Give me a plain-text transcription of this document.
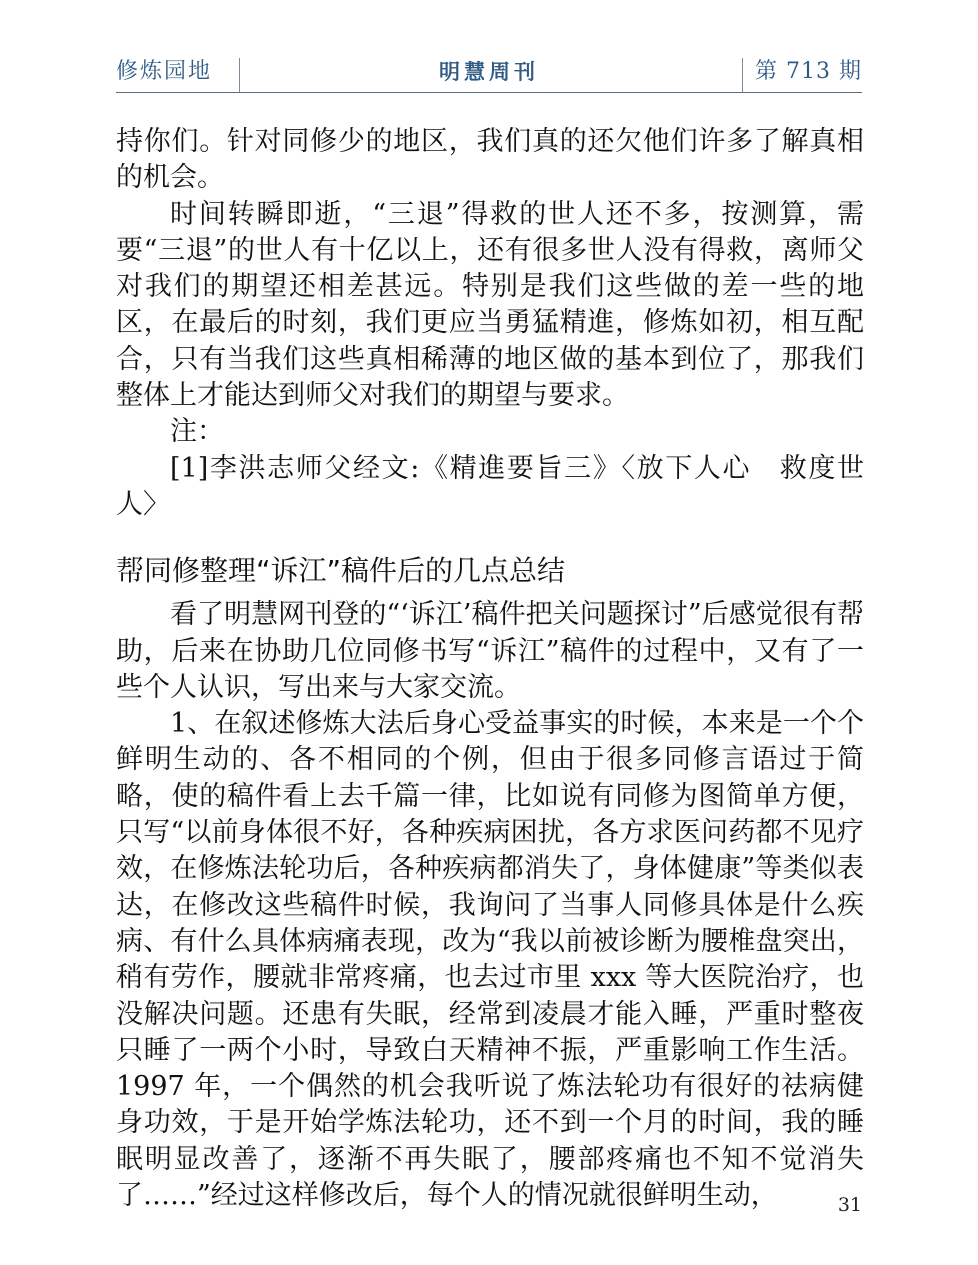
修炼园地	明慧周刊	第 713 期

持你们。针对同修少的地区，我们真的还欠他们许多了解真相的机会。

时间转瞬即逝，“三退”得救的世人还不多，按测算，需要“三退”的世人有十亿以上，还有很多世人没有得救，离师父对我们的期望还相差甚远。特别是我们这些做的差一些的地区，在最后的时刻，我们更应当勇猛精進，修炼如初，相互配合，只有当我们这些真相稀薄的地区做的基本到位了，那我们整体上才能达到师父对我们的期望与要求。

注：

[1]李洪志师父经文:《精進要旨三》〈放下人心　救度世人〉

帮同修整理“诉江”稿件后的几点总结

看了明慧网刊登的“‘诉江’稿件把关问题探讨”后感觉很有帮助，后来在协助几位同修书写“诉江”稿件的过程中，又有了一些个人认识，写出来与大家交流。

1、在叙述修炼大法后身心受益事实的时候，本来是一个个鲜明生动的、各不相同的个例，但由于很多同修言语过于简略，使的稿件看上去千篇一律，比如说有同修为图简单方便，只写“以前身体很不好，各种疾病困扰，各方求医问药都不见疗效，在修炼法轮功后，各种疾病都消失了，身体健康”等类似表达，在修改这些稿件时候，我询问了当事人同修具体是什么疾病、有什么具体病痛表现，改为“我以前被诊断为腰椎盘突出，稍有劳作，腰就非常疼痛，也去过市里 xxx 等大医院治疗，也没解决问题。还患有失眠，经常到凌晨才能入睡，严重时整夜只睡了一两个小时，导致白天精神不振，严重影响工作生活。1997 年，一个偶然的机会我听说了炼法轮功有很好的祛病健身功效，于是开始学炼法轮功，还不到一个月的时间，我的睡眠明显改善了，逐渐不再失眠了，腰部疼痛也不知不觉消失了……”经过这样修改后，每个人的情况就很鲜明生动，	31
